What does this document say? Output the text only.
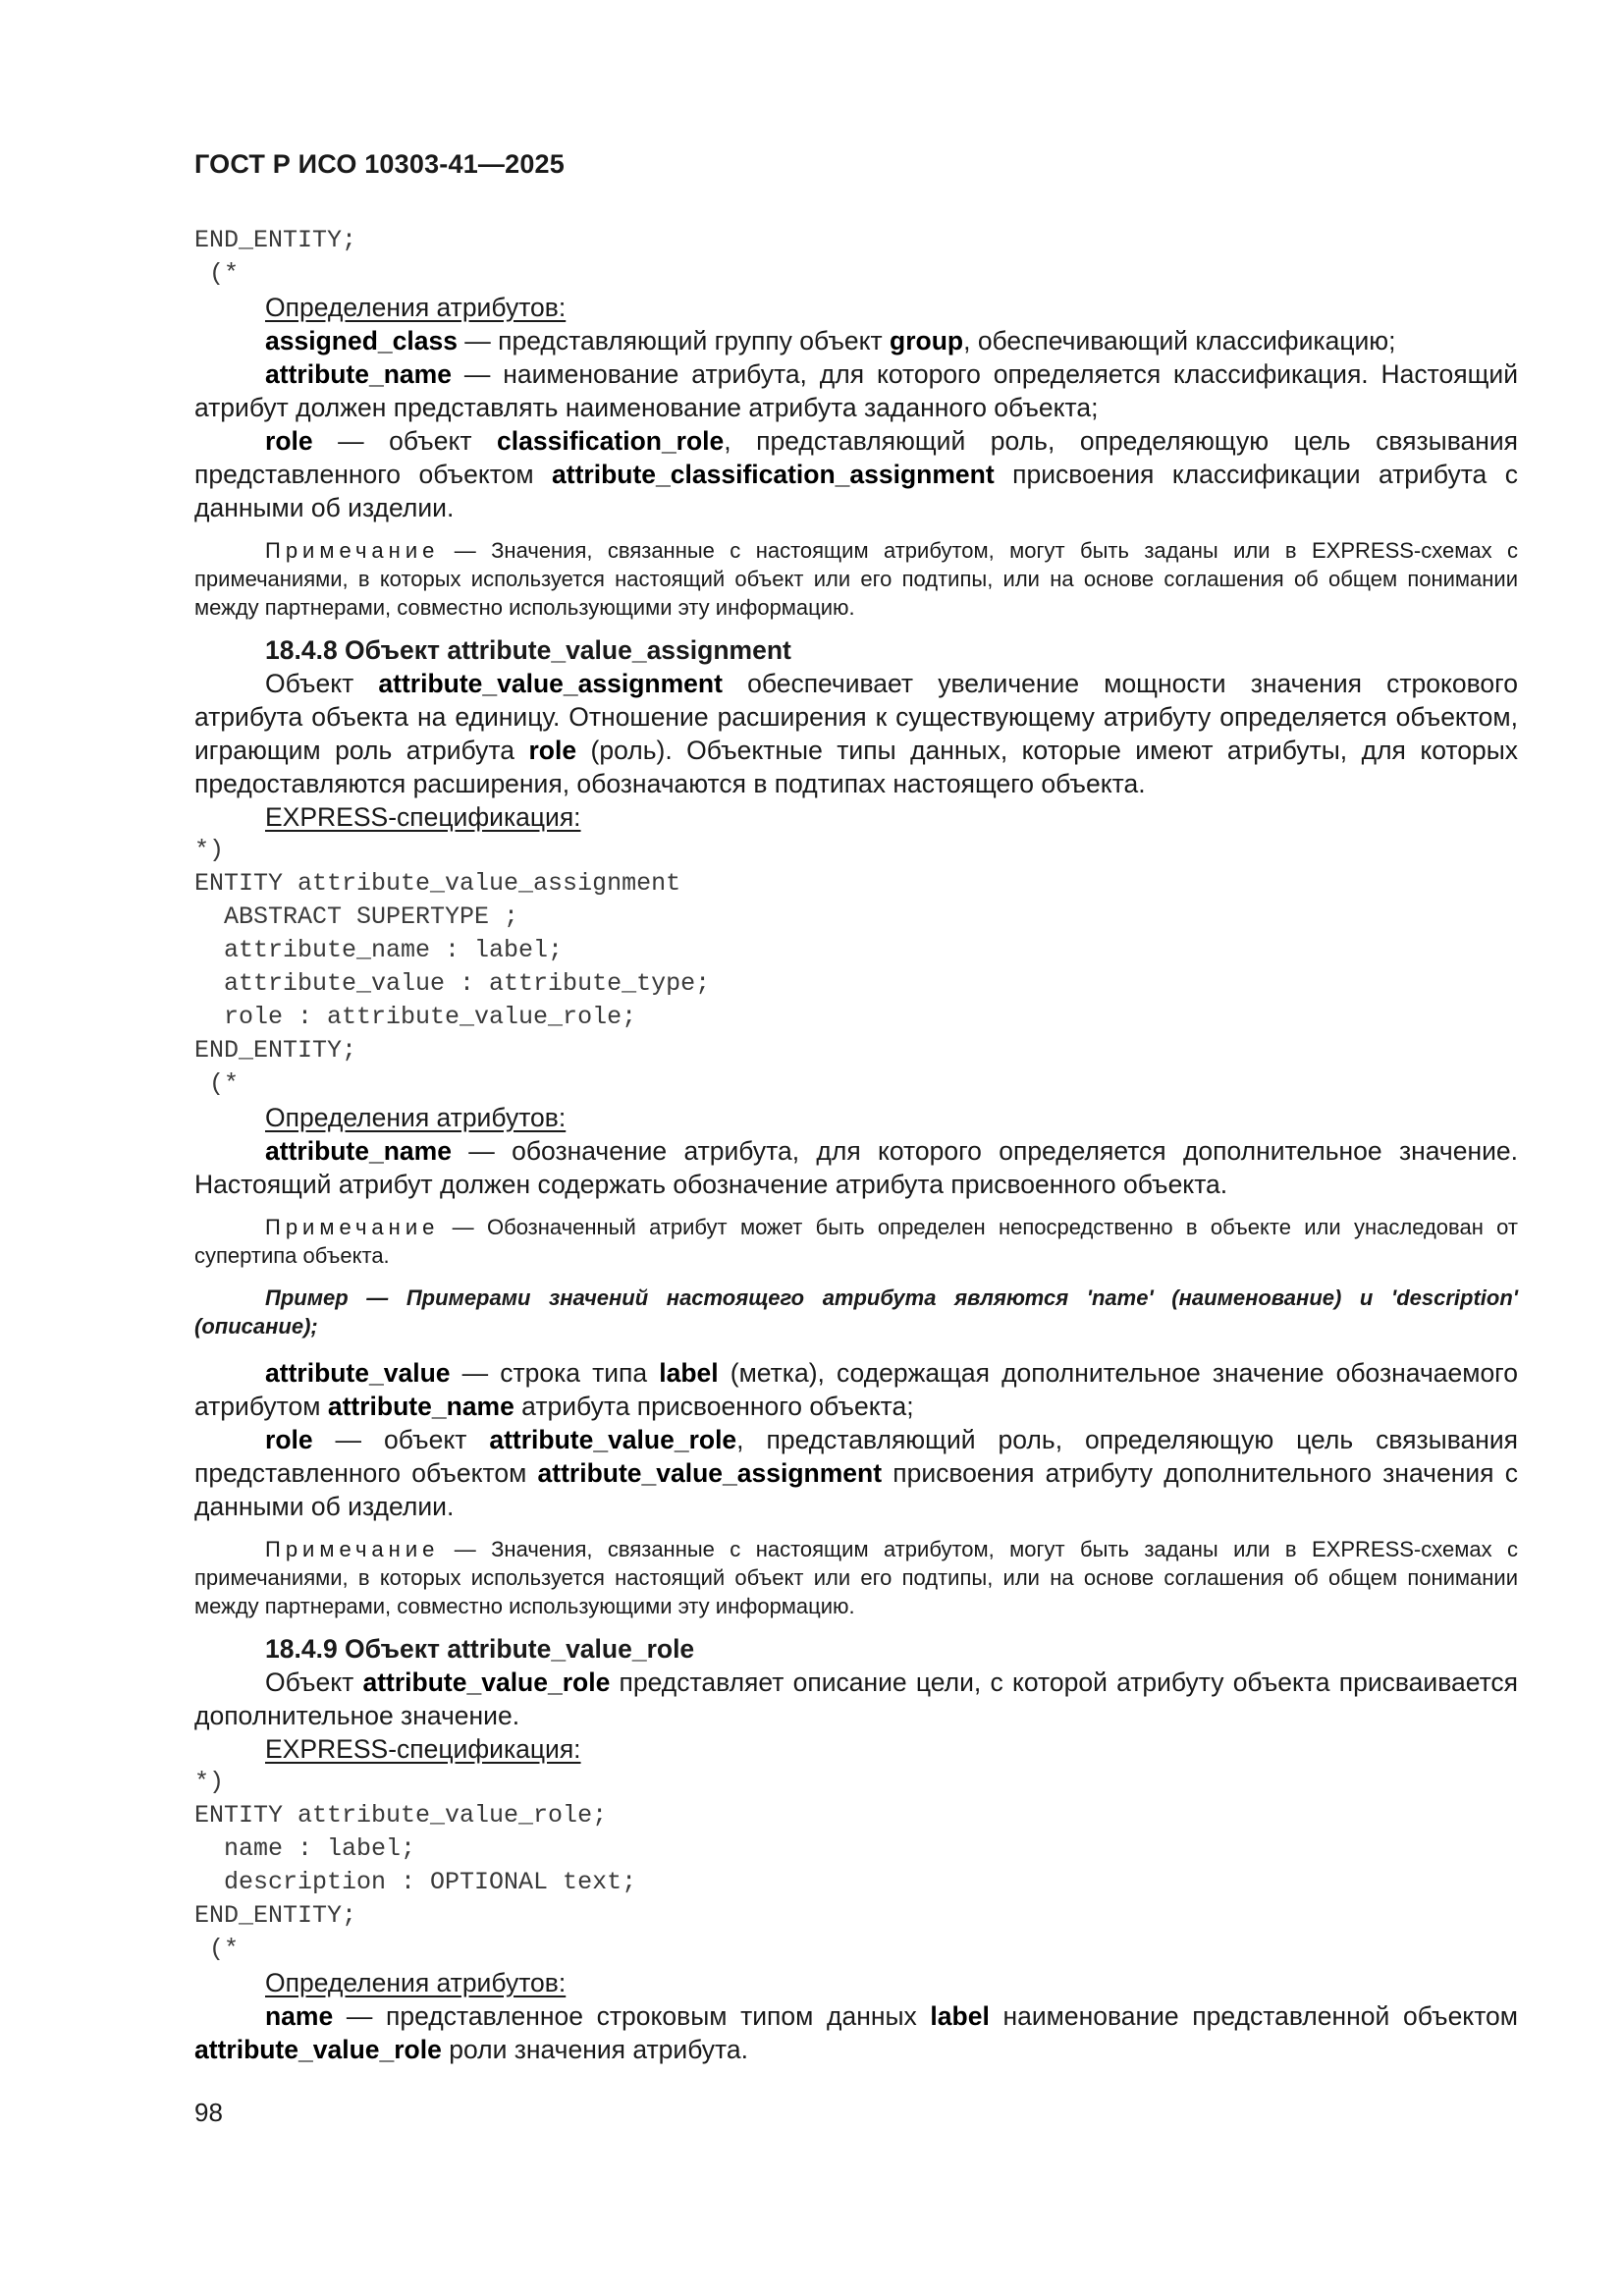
ГОСТ Р ИСО 10303-41—2025
END_ENTITY;
(*
Определения атрибутов:

assigned_class — представляющий группу объект group, обеспечивающий классификацию;

attribute_name — наименование атрибута, для которого определяется классификация. Настоящий атрибут должен представлять наименование атрибута заданного объекта;

role — объект classification_role, представляющий роль, определяющую цель связывания представленного объектом attribute_classification_assignment присвоения классификации атрибута с данными об изделии.

Примечание — Значения, связанные с настоящим атрибутом, могут быть заданы или в EXPRESS-схемах с примечаниями, в которых используется настоящий объект или его подтипы, или на основе соглашения об общем понимании между партнерами, совместно использующими эту информацию.

18.4.8 Объект attribute_value_assignment

Объект attribute_value_assignment обеспечивает увеличение мощности значения строкового атрибута объекта на единицу. Отношение расширения к существующему атрибуту определяется объектом, играющим роль атрибута role (роль). Объектные типы данных, которые имеют атрибуты, для которых предоставляются расширения, обозначаются в подтипах настоящего объекта.

EXPRESS-спецификация:
*)
ENTITY attribute_value_assignment
ABSTRACT SUPERTYPE ;
attribute_name : label;
attribute_value : attribute_type;
role : attribute_value_role;
END_ENTITY;
(*
Определения атрибутов:

attribute_name — обозначение атрибута, для которого определяется дополнительное значение. Настоящий атрибут должен содержать обозначение атрибута присвоенного объекта.

Примечание — Обозначенный атрибут может быть определен непосредственно в объекте или унаследован от супертипа объекта.

Пример — Примерами значений настоящего атрибута являются 'name' (наименование) и 'description' (описание);

attribute_value — строка типа label (метка), содержащая дополнительное значение обозначаемого атрибутом attribute_name атрибута присвоенного объекта;

role — объект attribute_value_role, представляющий роль, определяющую цель связывания представленного объектом attribute_value_assignment присвоения атрибуту дополнительного значения с данными об изделии.

Примечание — Значения, связанные с настоящим атрибутом, могут быть заданы или в EXPRESS-схемах с примечаниями, в которых используется настоящий объект или его подтипы, или на основе соглашения об общем понимании между партнерами, совместно использующими эту информацию.

18.4.9 Объект attribute_value_role

Объект attribute_value_role представляет описание цели, с которой атрибуту объекта присваивается дополнительное значение.

EXPRESS-спецификация:
*)
ENTITY attribute_value_role;
name : label;
description : OPTIONAL text;
END_ENTITY;
(*
Определения атрибутов:

name — представленное строковым типом данных label наименование представленной объектом attribute_value_role роли значения атрибута.

98
